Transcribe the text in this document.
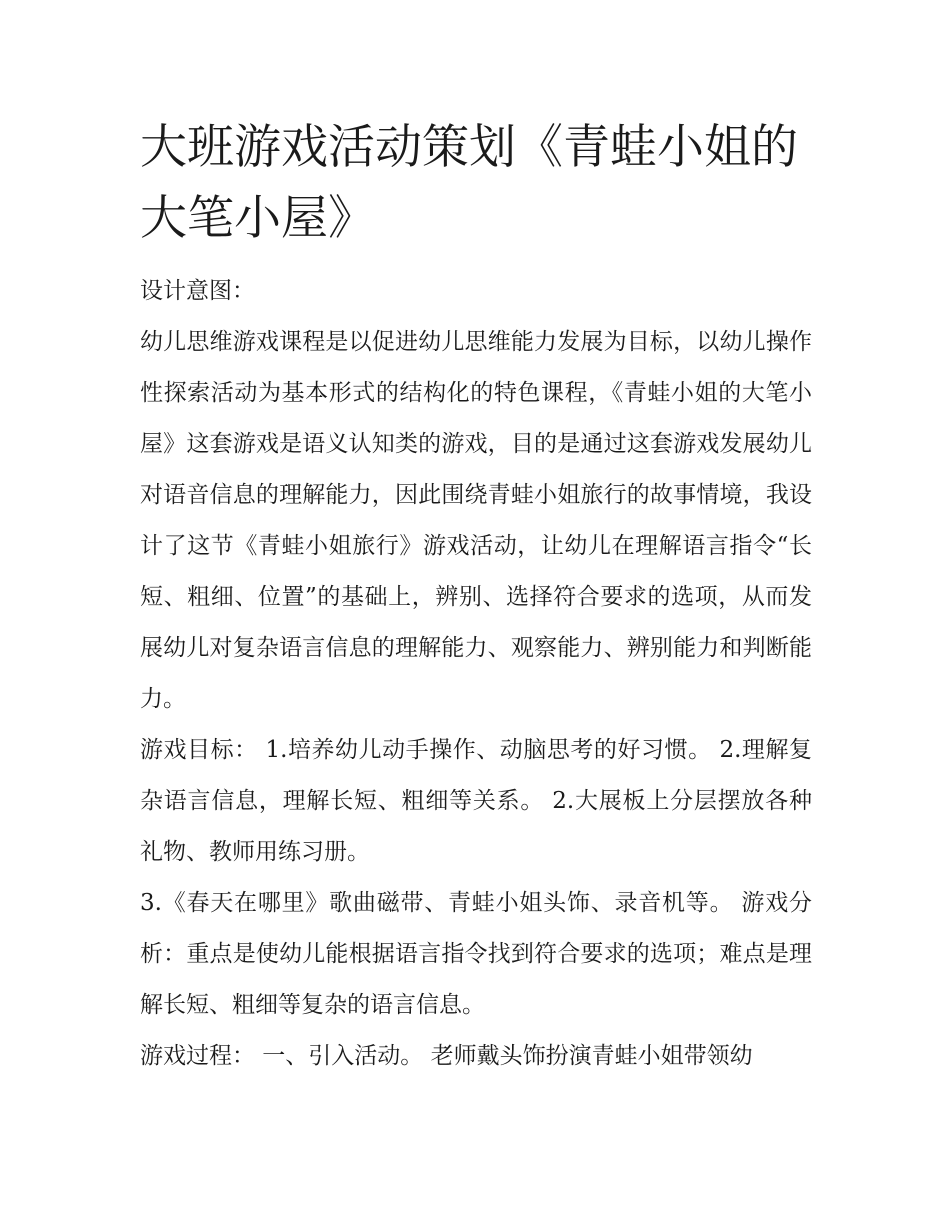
大班游戏活动策划《青蛙小姐的大笔小屋》

设计意图：

幼儿思维游戏课程是以促进幼儿思维能力发展为目标，以幼儿操作性探索活动为基本形式的结构化的特色课程，《青蛙小姐的大笔小屋》这套游戏是语义认知类的游戏，目的是通过这套游戏发展幼儿对语音信息的理解能力，因此围绕青蛙小姐旅行的故事情境，我设计了这节《青蛙小姐旅行》游戏活动，让幼儿在理解语言指令“长短、粗细、位置”的基础上，辨别、选择符合要求的选项，从而发展幼儿对复杂语言信息的理解能力、观察能力、辨别能力和判断能力。

游戏目标： 1.培养幼儿动手操作、动脑思考的好习惯。 2.理解复杂语言信息，理解长短、粗细等关系。 2.大展板上分层摆放各种礼物、教师用练习册。

3.《春天在哪里》歌曲磁带、青蛙小姐头饰、录音机等。 游戏分析：重点是使幼儿能根据语言指令找到符合要求的选项；难点是理解长短、粗细等复杂的语言信息。

游戏过程： 一、引入活动。 老师戴头饰扮演青蛙小姐带领幼
